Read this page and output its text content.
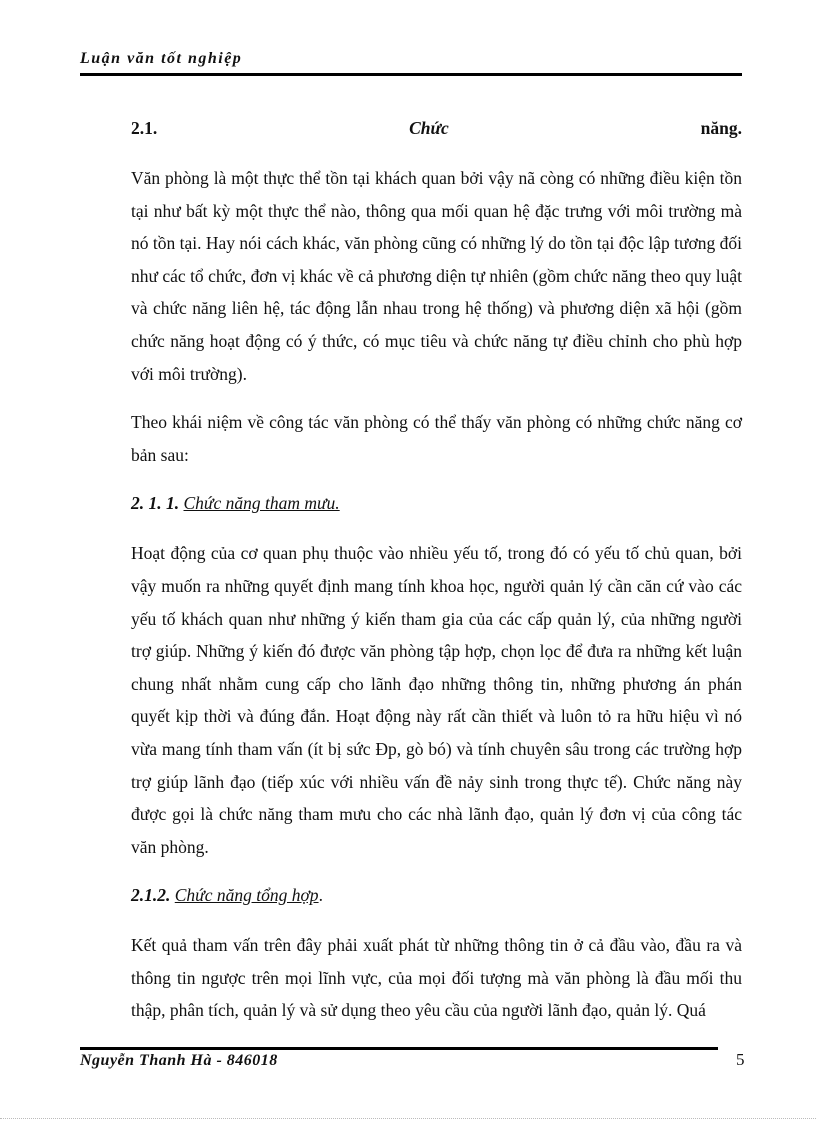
Luận văn tốt nghiệp
2.1.	Chức	năng.

Văn phòng là một thực thể tồn tại khách quan bởi vậy nã còng có những điều kiện tồn tại như bất kỳ một thực thể nào, thông qua mối quan hệ đặc trưng với môi trường mà nó tồn tại. Hay nói cách khác, văn phòng cũng có những lý do tồn tại độc lập tương đối như các tổ chức, đơn vị khác về cả phương diện tự nhiên (gồm chức năng theo quy luật và chức năng liên hệ, tác động lẫn nhau trong hệ thống) và phương diện xã hội (gồm chức năng hoạt động có ý thức, có mục tiêu và chức năng tự điều chỉnh cho phù hợp với môi trường).

Theo khái niệm về công tác văn phòng có thể thấy văn phòng có những chức năng cơ bản sau:

2. 1. 1. Chức năng tham mưu.

Hoạt động của cơ quan phụ thuộc vào nhiều yếu tố, trong đó có yếu tố chủ quan, bởi vậy muốn ra những quyết định mang tính khoa học, người quản lý cần căn cứ vào các yếu tố khách quan như những ý kiến tham gia của các cấp quản lý, của những người trợ giúp. Những ý kiến đó được văn phòng tập hợp, chọn lọc để đưa ra những kết luận chung nhất nhằm cung cấp cho lãnh đạo những thông tin, những phương án phán quyết kịp thời và đúng đắn. Hoạt động này rất cần thiết và luôn tỏ ra hữu hiệu vì nó vừa mang tính tham vấn (ít bị sức Đp, gò bó) và tính chuyên sâu trong các trường hợp trợ giúp lãnh đạo (tiếp xúc với nhiều vấn đề nảy sinh trong thực tế). Chức năng này được gọi là chức năng tham mưu cho các nhà lãnh đạo, quản lý đơn vị của công tác văn phòng.

2.1.2. Chức năng tổng hợp.

Kết quả tham vấn trên đây phải xuất phát từ những thông tin ở cả đầu vào, đầu ra và thông tin ngược trên mọi lĩnh vực, của mọi đối tượng mà văn phòng là đầu mối thu thập, phân tích, quản lý và sử dụng theo yêu cầu của người lãnh đạo, quản lý. Quá

Nguyễn Thanh Hà - 846018	5
